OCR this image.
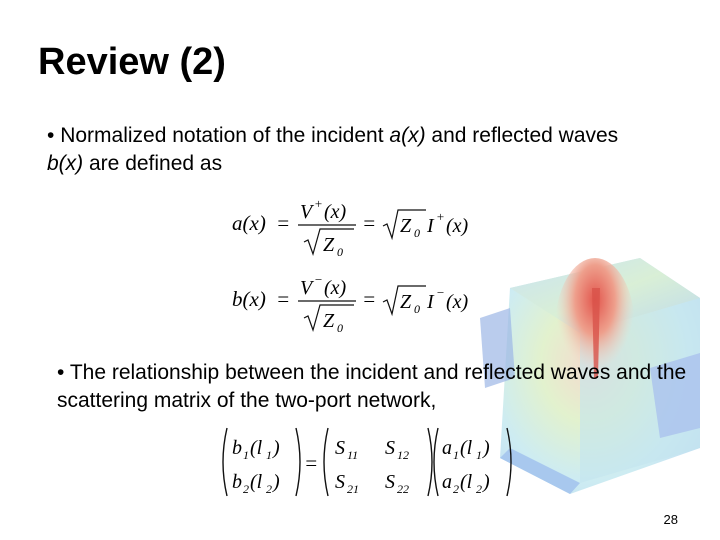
Review (2)
• Normalized notation of the incident a(x) and reflected waves b(x) are defined as
a(x) = V + (x)
Z 0
= Z 0 I + (x)
b(x) = V − (x)
Z 0
= Z 0 I − (x)
• The relationship between the incident and reflected waves and the scattering matrix of the two-port network,
b 1 (l 1 )
b 2 (l 2 )
=
S 11 S 12
S 21 S 22
a 1 (l 1 )
a 2 (l 2 )
28
